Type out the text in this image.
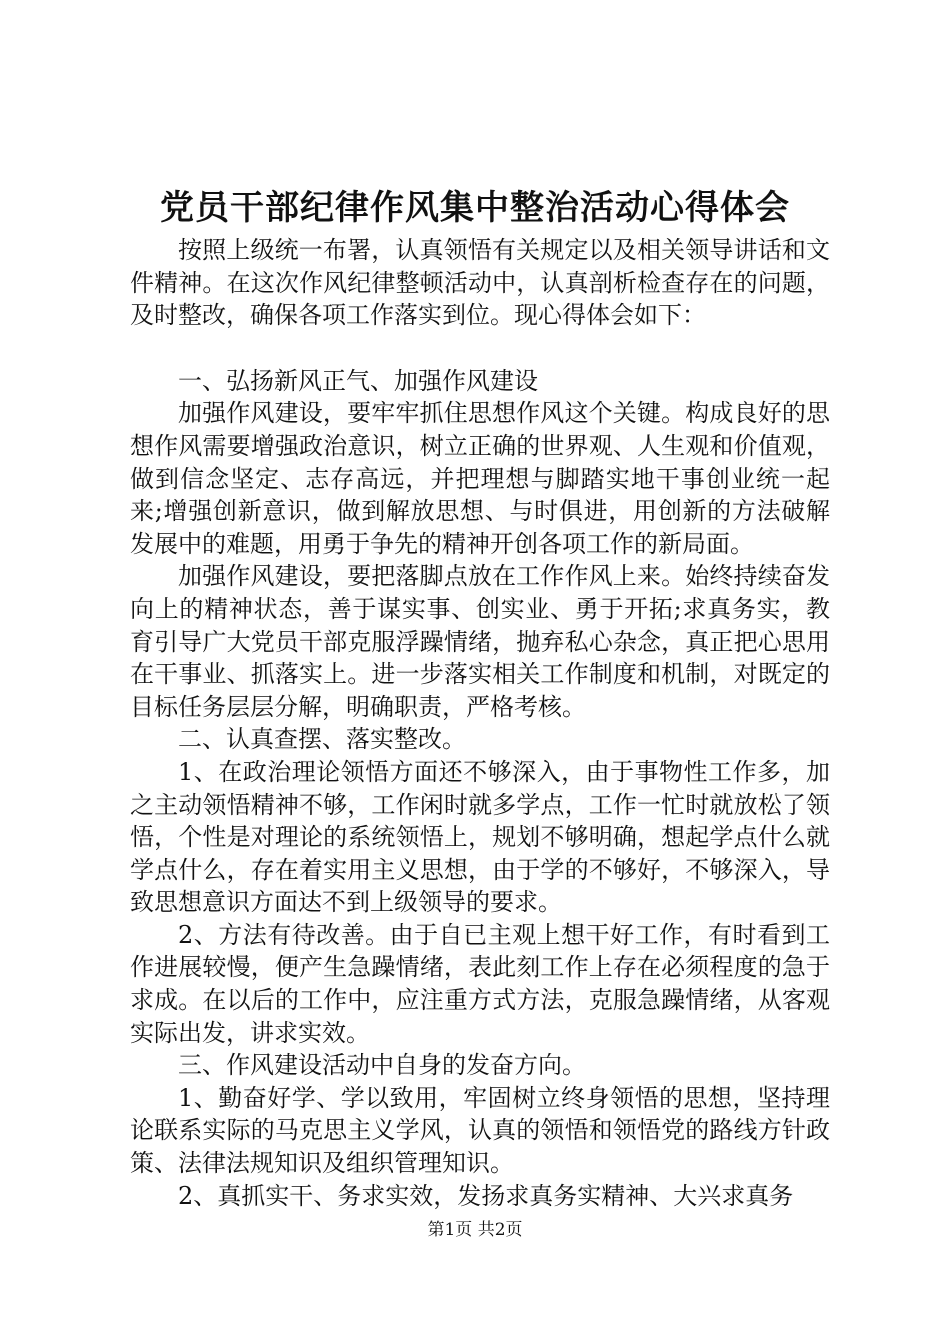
党员干部纪律作风集中整治活动心得体会

按照上级统一布署，认真领悟有关规定以及相关领导讲话和文件精神。在这次作风纪律整顿活动中，认真剖析检查存在的问题，及时整改，确保各项工作落实到位。现心得体会如下：

一、弘扬新风正气、加强作风建设

加强作风建设，要牢牢抓住思想作风这个关键。构成良好的思想作风需要增强政治意识，树立正确的世界观、人生观和价值观，做到信念坚定、志存高远，并把理想与脚踏实地干事创业统一起来;增强创新意识，做到解放思想、与时俱进，用创新的方法破解发展中的难题，用勇于争先的精神开创各项工作的新局面。

加强作风建设，要把落脚点放在工作作风上来。始终持续奋发向上的精神状态，善于谋实事、创实业、勇于开拓;求真务实，教育引导广大党员干部克服浮躁情绪，抛弃私心杂念，真正把心思用在干事业、抓落实上。进一步落实相关工作制度和机制，对既定的目标任务层层分解，明确职责，严格考核。

二、认真查摆、落实整改。

1、在政治理论领悟方面还不够深入，由于事物性工作多，加之主动领悟精神不够，工作闲时就多学点，工作一忙时就放松了领悟，个性是对理论的系统领悟上，规划不够明确，想起学点什么就学点什么，存在着实用主义思想，由于学的不够好，不够深入，导致思想意识方面达不到上级领导的要求。

2、方法有待改善。由于自已主观上想干好工作，有时看到工作进展较慢，便产生急躁情绪，表此刻工作上存在必须程度的急于求成。在以后的工作中，应注重方式方法，克服急躁情绪，从客观实际出发，讲求实效。

三、作风建设活动中自身的发奋方向。

1、勤奋好学、学以致用，牢固树立终身领悟的思想，坚持理论联系实际的马克思主义学风，认真的领悟和领悟党的路线方针政策、法律法规知识及组织管理知识。

2、真抓实干、务求实效，发扬求真务实精神、大兴求真务

第1页 共2页
